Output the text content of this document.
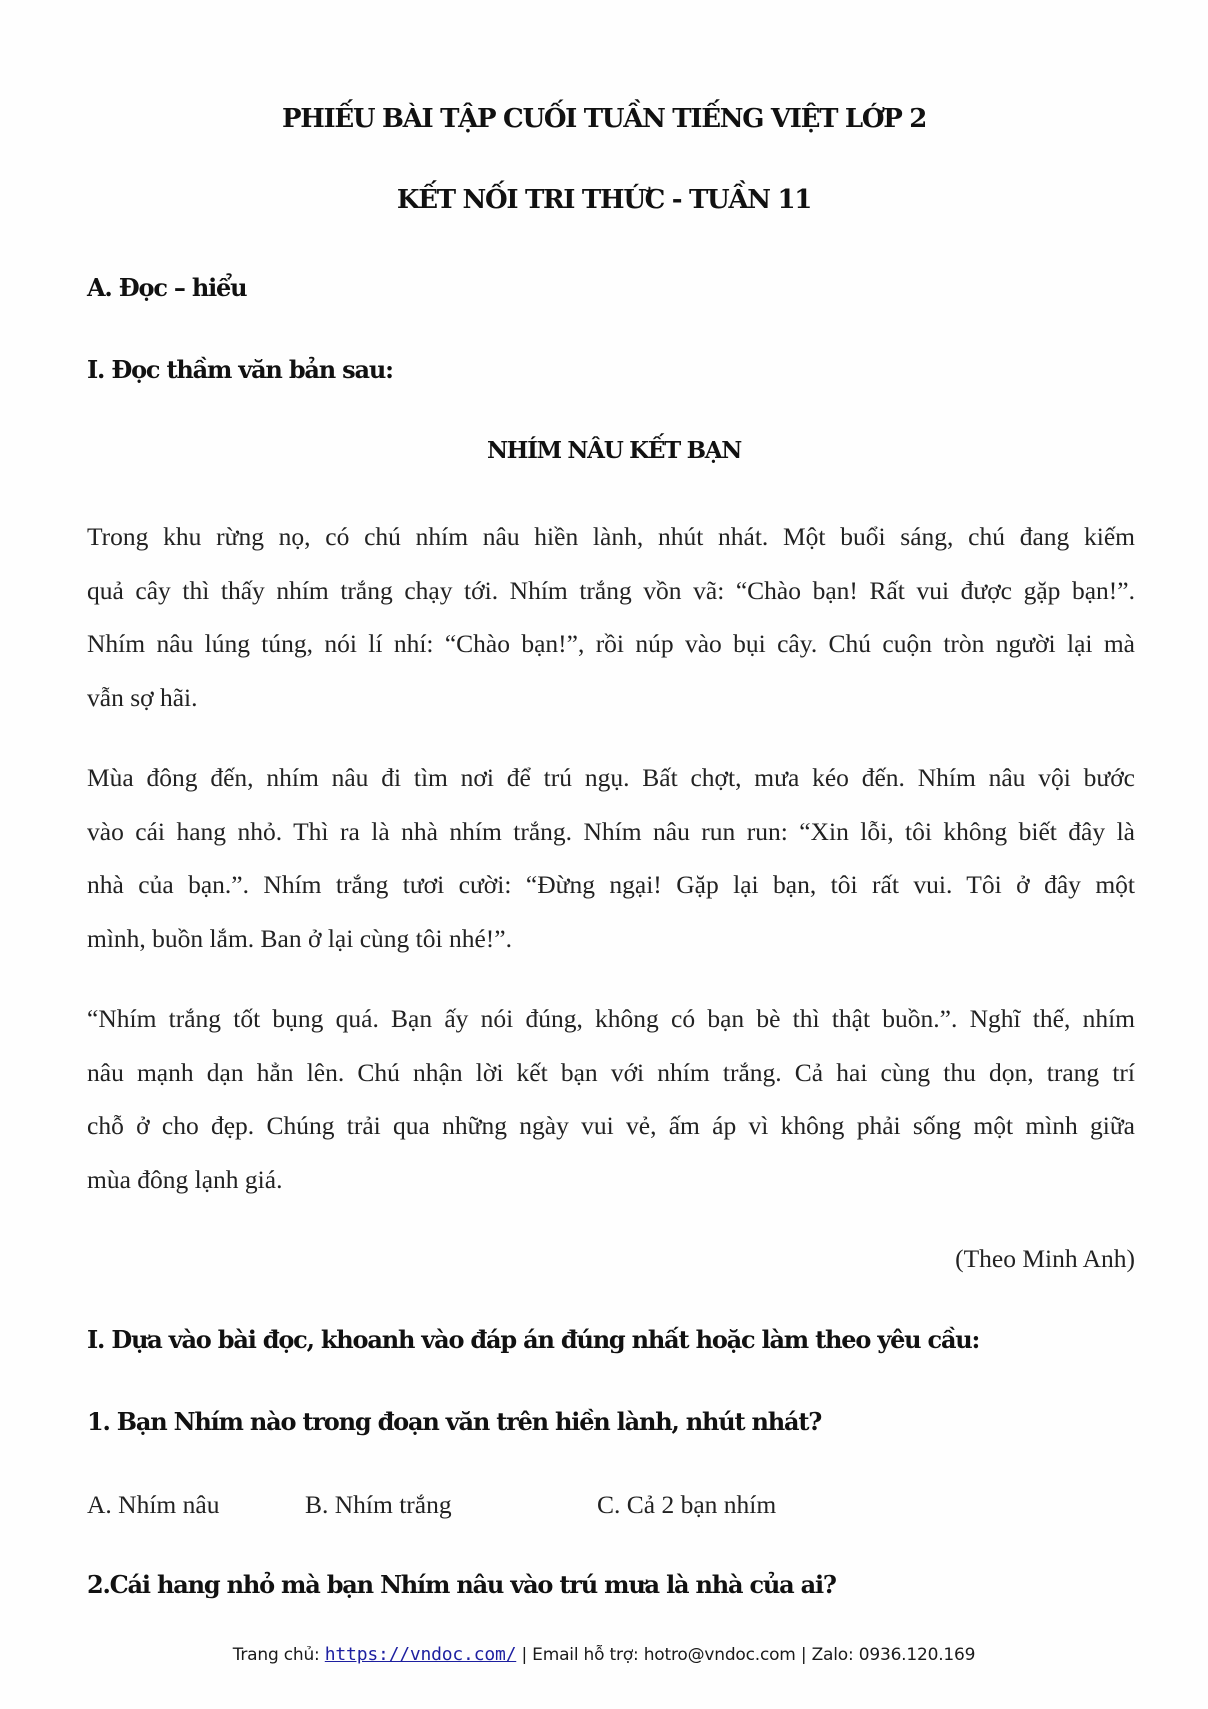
PHIẾU BÀI TẬP CUỐI TUẦN TIẾNG VIỆT LỚP 2
KẾT NỐI TRI THỨC - TUẦN 11
A. Đọc – hiểu
I. Đọc thầm văn bản sau:
NHÍM NÂU KẾT BẠN
Trong khu rừng nọ, có chú nhím nâu hiền lành, nhút nhát. Một buổi sáng, chú đang kiếm
quả cây thì thấy nhím trắng chạy tới. Nhím trắng vồn vã: “Chào bạn! Rất vui được gặp bạn!”.
Nhím nâu lúng túng, nói lí nhí: “Chào bạn!”, rồi núp vào bụi cây. Chú cuộn tròn người lại mà
vẫn sợ hãi.
Mùa đông đến, nhím nâu đi tìm nơi để trú ngụ. Bất chợt, mưa kéo đến. Nhím nâu vội bước
vào cái hang nhỏ. Thì ra là nhà nhím trắng. Nhím nâu run run: “Xin lỗi, tôi không biết đây là
nhà của bạn.”. Nhím trắng tươi cười: “Đừng ngại! Gặp lại bạn, tôi rất vui. Tôi ở đây một
mình, buồn lắm. Ban ở lại cùng tôi nhé!”.
“Nhím trắng tốt bụng quá. Bạn ấy nói đúng, không có bạn bè thì thật buồn.”. Nghĩ thế, nhím
nâu mạnh dạn hẳn lên. Chú nhận lời kết bạn với nhím trắng. Cả hai cùng thu dọn, trang trí
chỗ ở cho đẹp. Chúng trải qua những ngày vui vẻ, ấm áp vì không phải sống một mình giữa
mùa đông lạnh giá.
(Theo Minh Anh)
I. Dựa vào bài đọc, khoanh vào đáp án đúng nhất hoặc làm theo yêu cầu:
1. Bạn Nhím nào trong đoạn văn trên hiền lành, nhút nhát?
A. Nhím nâu	B. Nhím trắng	C. Cả 2 bạn nhím
2.Cái hang nhỏ mà bạn Nhím nâu vào trú mưa là nhà của ai?
Trang chủ: https://vndoc.com/ | Email hỗ trợ: hotro@vndoc.com | Zalo: 0936.120.169
